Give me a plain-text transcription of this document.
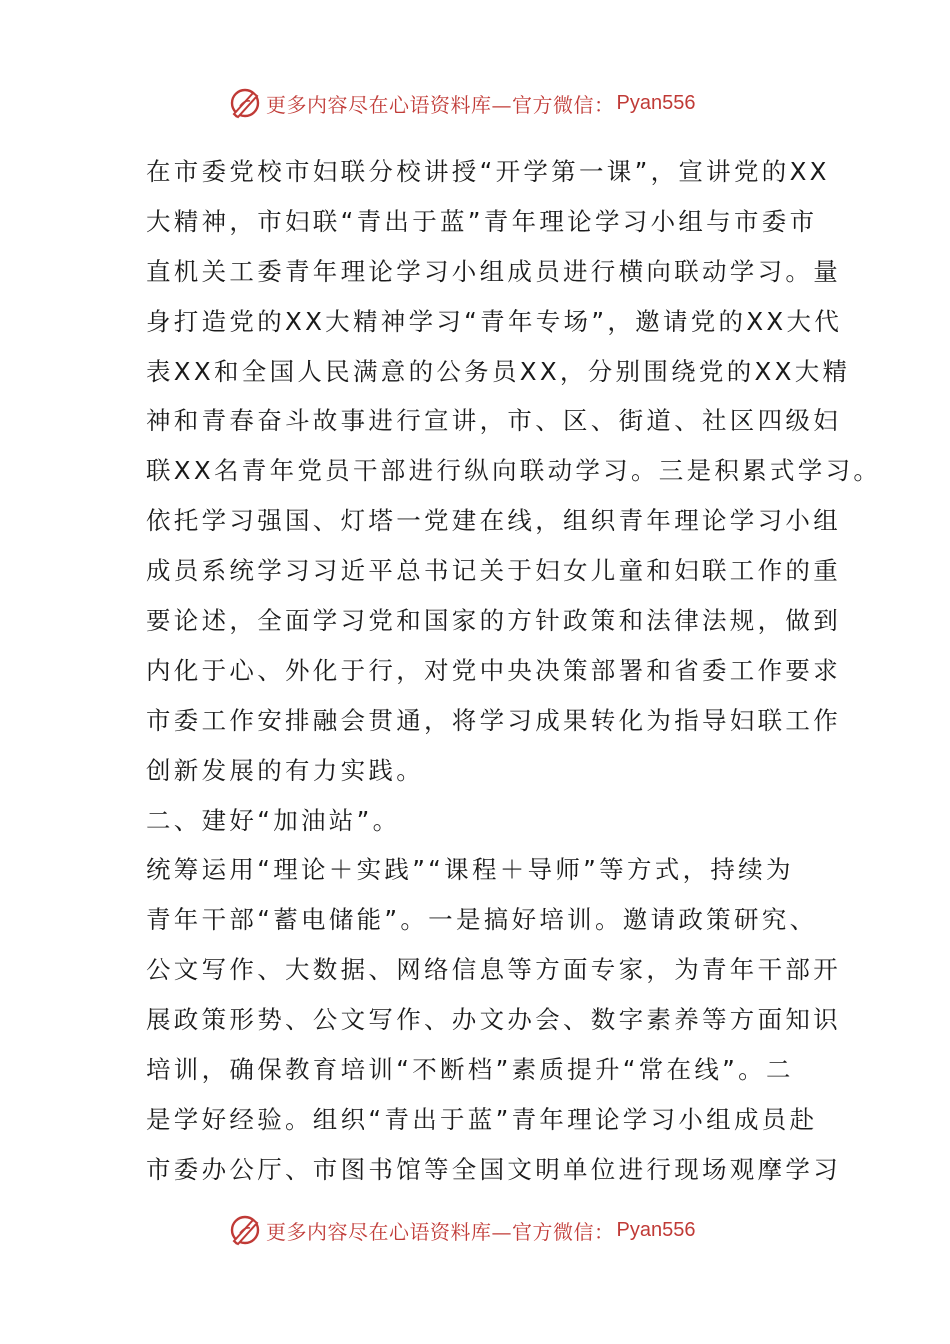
更多内容尽在心语资料库—官方微信： Pyan556

在市委党校市妇联分校讲授“开学第一课”，宣讲党的XX

大精神，市妇联“青出于蓝”青年理论学习小组与市委市

直机关工委青年理论学习小组成员进行横向联动学习。量

身打造党的XX大精神学习“青年专场”，邀请党的XX大代

表XX和全国人民满意的公务员XX，分别围绕党的XX大精

神和青春奋斗故事进行宣讲，市、区、街道、社区四级妇

联XX名青年党员干部进行纵向联动学习。三是积累式学习。

依托学习强国、灯塔一党建在线，组织青年理论学习小组

成员系统学习习近平总书记关于妇女儿童和妇联工作的重

要论述，全面学习党和国家的方针政策和法律法规，做到

内化于心、外化于行，对党中央决策部署和省委工作要求

市委工作安排融会贯通，将学习成果转化为指导妇联工作

创新发展的有力实践。

二、建好“加油站”。

统筹运用“理论＋实践”“课程＋导师”等方式，持续为

青年干部“蓄电储能”。一是搞好培训。邀请政策研究、

公文写作、大数据、网络信息等方面专家，为青年干部开

展政策形势、公文写作、办文办会、数字素养等方面知识

培训，确保教育培训“不断档”素质提升“常在线”。二

是学好经验。组织“青出于蓝”青年理论学习小组成员赴

市委办公厅、市图书馆等全国文明单位进行现场观摩学习

更多内容尽在心语资料库—官方微信： Pyan556
